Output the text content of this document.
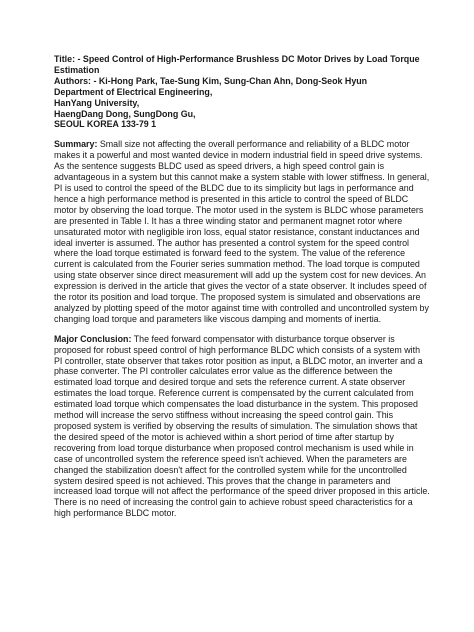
Title: - Speed Control of High-Performance Brushless DC Motor Drives by Load Torque Estimation
Authors: - Ki-Hong Park, Tae-Sung Kim, Sung-Chan Ahn, Dong-Seok Hyun
Department of Electrical Engineering,
HanYang University,
HaengDang Dong, SungDong Gu,
SEOUL KOREA 133-79 1

Summary: Small size not affecting the overall performance and reliability of a BLDC motor makes it a powerful and most wanted device in modern industrial field in speed drive systems. As the sentence suggests BLDC used as speed drivers, a high speed control gain is advantageous in a system but this cannot make a system stable with lower stiffness. In general, PI is used to control the speed of the BLDC due to its simplicity but lags in performance and hence a high performance method is presented in this article to control the speed of BLDC motor by observing the load torque. The motor used in the system is BLDC whose parameters are presented in Table I. It has a three winding stator and permanent magnet rotor where unsaturated motor with negligible iron loss, equal stator resistance, constant inductances and ideal inverter is assumed. The author has presented a control system for the speed control where the load torque estimated is forward feed to the system. The value of the reference current is calculated from the Fourier series summation method. The load torque is computed using state observer since direct measurement will add up the system cost for new devices. An expression is derived in the article that gives the vector of a state observer. It includes speed of the rotor its position and load torque. The proposed system is simulated and observations are analyzed by plotting speed of the motor against time with controlled and uncontrolled system by changing load torque and parameters like viscous damping and moments of inertia.

Major Conclusion: The feed forward compensator with disturbance torque observer is proposed for robust speed control of high performance BLDC which consists of a system with PI controller, state observer that takes rotor position as input, a BLDC motor, an inverter and a phase converter. The PI controller calculates error value as the difference between the estimated load torque and desired torque and sets the reference current. A state observer estimates the load torque. Reference current is compensated by the current calculated from estimated load torque which compensates the load disturbance in the system. This proposed method will increase the servo stiffness without increasing the speed control gain. This proposed system is verified by observing the results of simulation. The simulation shows that the desired speed of the motor is achieved within a short period of time after startup by recovering from load torque disturbance when proposed control mechanism is used while in case of uncontrolled system the reference speed isn't achieved. When the parameters are changed the stabilization doesn't affect for the controlled system while for the uncontrolled system desired speed is not achieved. This proves that the change in parameters and increased load torque will not affect the performance of the speed driver proposed in this article. There is no need of increasing the control gain to achieve robust speed characteristics for a high performance BLDC motor.
